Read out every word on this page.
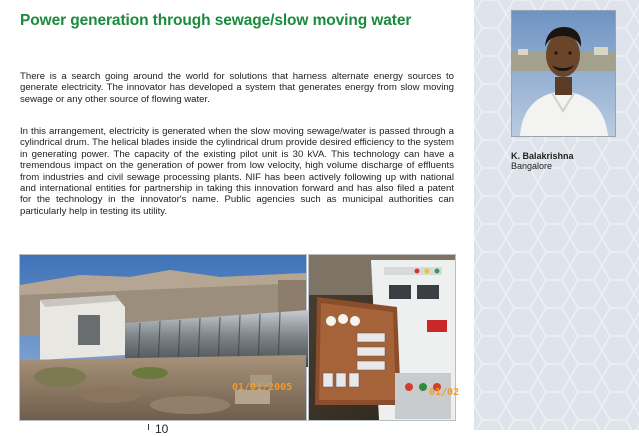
Power generation through sewage/slow moving water

There is a search going around the world for solutions that harness alternate energy sources to generate electricity. The innovator has developed a system that generates energy from slow moving sewage or any other source of flowing water.

In this arrangement, electricity is generated when the slow moving sewage/water is passed through a cylindrical drum. The helical blades inside the cylindrical drum provide desired efficiency to the system in generating power. The capacity of the existing pilot unit is 30 kVA. This technology can have a tremendous impact on the generation of power from low velocity, high volume discharge of effluents from industries and civil sewage processing plants. NIF has been actively following up with national and international entities for partnership in taking this innovation forward and has also filed a patent for the technology in the innovator's name. Public agencies such as municipal authorities can particularly help in testing its utility.

01/01/2005	01/02

10

K. Balakrishna

Bangalore
